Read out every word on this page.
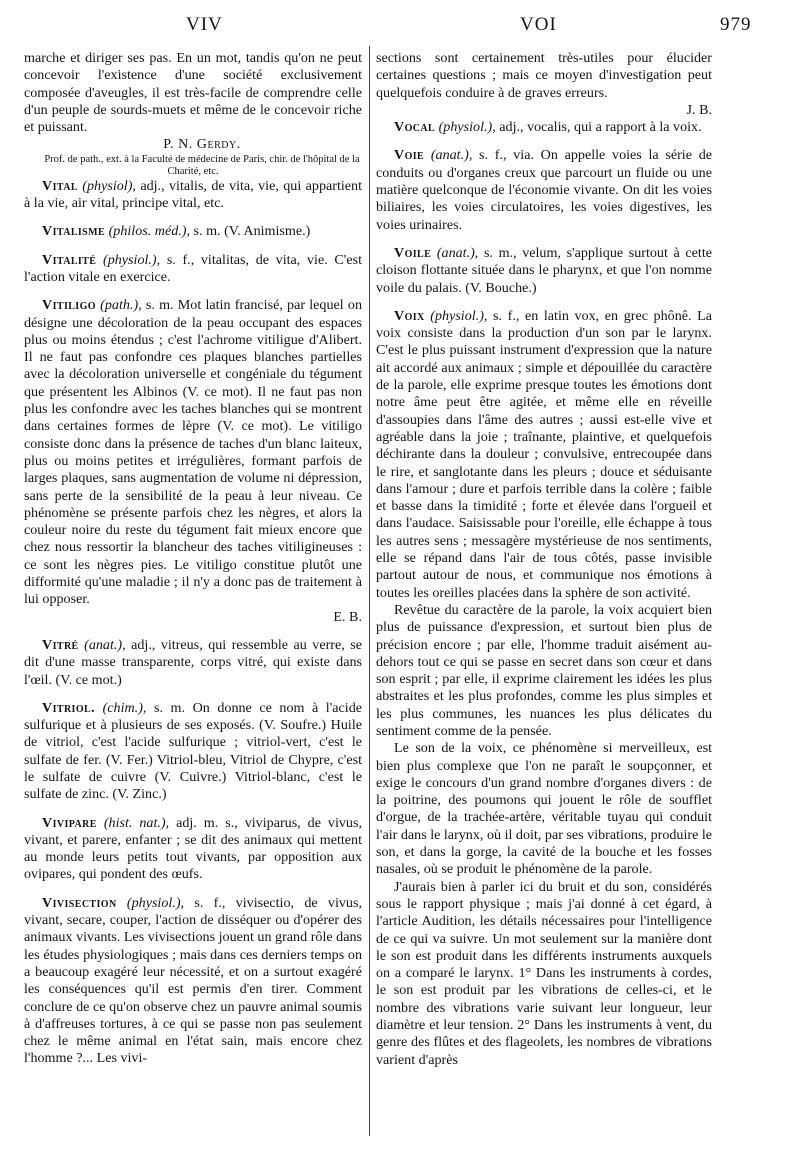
VIV	VOI	979

marche et diriger ses pas. En un mot, tandis qu'on ne peut concevoir l'existence d'une société exclusivement composée d'aveugles, il est très-facile de comprendre celle d'un peuple de sourds-muets et même de le concevoir riche et puissant.

P. N. Gerdy.

Prof. de path., ext. à la Faculté de médecine de Paris, chir. de l'hôpital de la Charité, etc.

Vital (physiol), adj., vitalis, de vita, vie, qui appartient à la vie, air vital, principe vital, etc.

Vitalisme (philos. méd.), s. m. (V. Animisme.)

Vitalité (physiol.), s. f., vitalitas, de vita, vie. C'est l'action vitale en exercice.

Vitiligo (path.), s. m. Mot latin francisé, par lequel on désigne une décoloration de la peau occupant des espaces plus ou moins étendus ; c'est l'achrome vitiligue d'Alibert. Il ne faut pas confondre ces plaques blanches partielles avec la décoloration universelle et congéniale du tégument que présentent les Albinos (V. ce mot). Il ne faut pas non plus les confondre avec les taches blanches qui se montrent dans certaines formes de lèpre (V. ce mot). Le vitiligo consiste donc dans la présence de taches d'un blanc laiteux, plus ou moins petites et irrégulières, formant parfois de larges plaques, sans augmentation de volume ni dépression, sans perte de la sensibilité de la peau à leur niveau. Ce phénomène se présente parfois chez les nègres, et alors la couleur noire du reste du tégument fait mieux encore que chez nous ressortir la blancheur des taches vitiligineuses : ce sont les nègres pies. Le vitiligo constitue plutôt une difformité qu'une maladie ; il n'y a donc pas de traitement à lui opposer.

E. B.

Vitré (anat.), adj., vitreus, qui ressemble au verre, se dit d'une masse transparente, corps vitré, qui existe dans l'œil. (V. ce mot.)

Vitriol. (chim.), s. m. On donne ce nom à l'acide sulfurique et à plusieurs de ses exposés. (V. Soufre.) Huile de vitriol, c'est l'acide sulfurique ; vitriol-vert, c'est le sulfate de fer. (V. Fer.) Vitriol-bleu, Vitriol de Chypre, c'est le sulfate de cuivre (V. Cuivre.) Vitriol-blanc, c'est le sulfate de zinc. (V. Zinc.)

Vivipare (hist. nat.), adj. m. s., viviparus, de vivus, vivant, et parere, enfanter ; se dit des animaux qui mettent au monde leurs petits tout vivants, par opposition aux ovipares, qui pondent des œufs.

Vivisection (physiol.), s. f., vivisectio, de vivus, vivant, secare, couper, l'action de disséquer ou d'opérer des animaux vivants. Les vivisections jouent un grand rôle dans les études physiologiques ; mais dans ces derniers temps on a beaucoup exagéré leur nécessité, et on a surtout exagéré les conséquences qu'il est permis d'en tirer. Comment conclure de ce qu'on observe chez un pauvre animal soumis à d'affreuses tortures, à ce qui se passe non pas seulement chez le même animal en l'état sain, mais encore chez l'homme ?... Les vivi-

sections sont certainement très-utiles pour élucider certaines questions ; mais ce moyen d'investigation peut quelquefois conduire à de graves erreurs.

J. B.

Vocal (physiol.), adj., vocalis, qui a rapport à la voix.

Voie (anat.), s. f., via. On appelle voies la série de conduits ou d'organes creux que parcourt un fluide ou une matière quelconque de l'économie vivante. On dit les voies biliaires, les voies circulatoires, les voies digestives, les voies urinaires.

Voile (anat.), s. m., velum, s'applique surtout à cette cloison flottante située dans le pharynx, et que l'on nomme voile du palais. (V. Bouche.)

Voix (physiol.), s. f., en latin vox, en grec phônê. La voix consiste dans la production d'un son par le larynx. C'est le plus puissant instrument d'expression que la nature ait accordé aux animaux ; simple et dépouillée du caractère de la parole, elle exprime presque toutes les émotions dont notre âme peut être agitée, et même elle en réveille d'assoupies dans l'âme des autres ; aussi est-elle vive et agréable dans la joie ; traînante, plaintive, et quelquefois déchirante dans la douleur ; convulsive, entrecoupée dans le rire, et sanglotante dans les pleurs ; douce et séduisante dans l'amour ; dure et parfois terrible dans la colère ; faible et basse dans la timidité ; forte et élevée dans l'orgueil et dans l'audace. Saisissable pour l'oreille, elle échappe à tous les autres sens ; messagère mystérieuse de nos sentiments, elle se répand dans l'air de tous côtés, passe invisible partout autour de nous, et communique nos émotions à toutes les oreilles placées dans la sphère de son activité.

Revêtue du caractère de la parole, la voix acquiert bien plus de puissance d'expression, et surtout bien plus de précision encore ; par elle, l'homme traduit aisément au-dehors tout ce qui se passe en secret dans son cœur et dans son esprit ; par elle, il exprime clairement les idées les plus abstraites et les plus profondes, comme les plus simples et les plus communes, les nuances les plus délicates du sentiment comme de la pensée.

Le son de la voix, ce phénomène si merveilleux, est bien plus complexe que l'on ne paraît le soupçonner, et exige le concours d'un grand nombre d'organes divers : de la poitrine, des poumons qui jouent le rôle de soufflet d'orgue, de la trachée-artère, véritable tuyau qui conduit l'air dans le larynx, où il doit, par ses vibrations, produire le son, et dans la gorge, la cavité de la bouche et les fosses nasales, où se produit le phénomène de la parole.

J'aurais bien à parler ici du bruit et du son, considérés sous le rapport physique ; mais j'ai donné à cet égard, à l'article Audition, les détails nécessaires pour l'intelligence de ce qui va suivre. Un mot seulement sur la manière dont le son est produit dans les différents instruments auxquels on a comparé le larynx. 1° Dans les instruments à cordes, le son est produit par les vibrations de celles-ci, et le nombre des vibrations varie suivant leur longueur, leur diamètre et leur tension. 2° Dans les instruments à vent, du genre des flûtes et des flageolets, les nombres de vibrations varient d'après
